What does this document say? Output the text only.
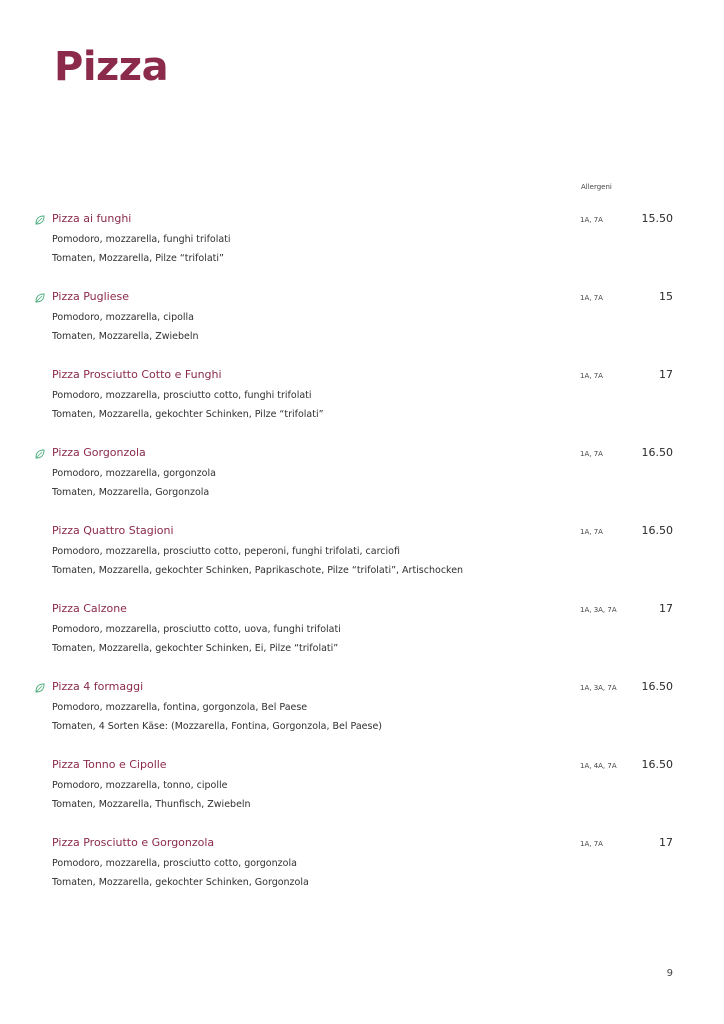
Pizza
Allergeni
Pizza ai funghi
Pomodoro, mozzarella, funghi trifolati
Tomaten, Mozzarella, Pilze “trifolati”
1A, 7A	15.50
Pizza Pugliese
Pomodoro, mozzarella, cipolla
Tomaten, Mozzarella, Zwiebeln
1A, 7A	15
Pizza Prosciutto Cotto e Funghi
Pomodoro, mozzarella, prosciutto cotto, funghi trifolati
Tomaten, Mozzarella, gekochter Schinken, Pilze “trifolati”
1A, 7A	17
Pizza Gorgonzola
Pomodoro, mozzarella, gorgonzola
Tomaten, Mozzarella, Gorgonzola
1A, 7A	16.50
Pizza Quattro Stagioni
Pomodoro, mozzarella, prosciutto cotto, peperoni, funghi trifolati, carciofi
Tomaten, Mozzarella, gekochter Schinken, Paprikaschote, Pilze “trifolati”, Artischocken
1A, 7A	16.50
Pizza Calzone
Pomodoro, mozzarella, prosciutto cotto, uova, funghi trifolati
Tomaten, Mozzarella, gekochter Schinken, Ei, Pilze “trifolati”
1A, 3A, 7A	17
Pizza 4 formaggi
Pomodoro, mozzarella, fontina, gorgonzola, Bel Paese
Tomaten, 4 Sorten Käse: (Mozzarella, Fontina, Gorgonzola, Bel Paese)
1A, 3A, 7A 16.50
Pizza Tonno e Cipolle
Pomodoro, mozzarella, tonno, cipolle
Tomaten, Mozzarella, Thunfisch, Zwiebeln
1A, 4A, 7A 16.50
Pizza Prosciutto e Gorgonzola
Pomodoro, mozzarella, prosciutto cotto, gorgonzola
Tomaten, Mozzarella, gekochter Schinken, Gorgonzola
1A, 7A	17
9
